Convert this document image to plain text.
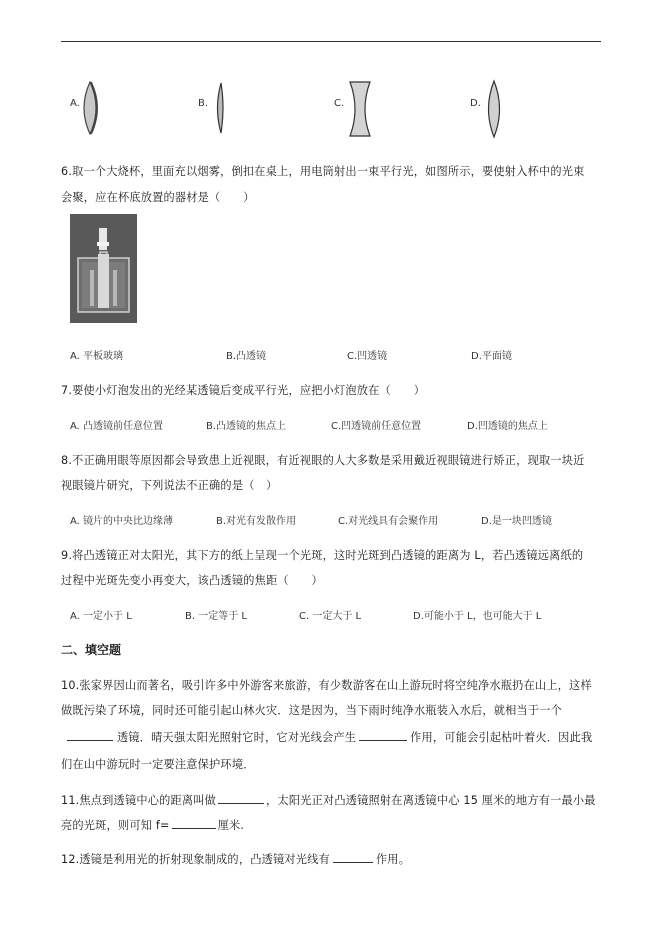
A.	B.	C.	D.
6.取一个大烧杯，里面充以烟雾，倒扣在桌上，用电筒射出一束平行光，如图所示，要使射入杯中的光束
会聚，应在杯底放置的器材是（　　）
A. 平板玻璃	B.凸透镜	C.凹透镜	D.平面镜
7.要使小灯泡发出的光经某透镜后变成平行光，应把小灯泡放在（　　）
A. 凸透镜前任意位置	B.凸透镜的焦点上	C.凹透镜前任意位置	D.凹透镜的焦点上
8.不正确用眼等原因都会导致患上近视眼，有近视眼的人大多数是采用戴近视眼镜进行矫正，现取一块近
视眼镜片研究，下列说法不正确的是（　）
A. 镜片的中央比边缘薄	B.对光有发散作用	C.对光线具有会聚作用	D.是一块凹透镜
9.将凸透镜正对太阳光，其下方的纸上呈现一个光斑，这时光斑到凸透镜的距离为 L，若凸透镜远离纸的
过程中光斑先变小再变大，该凸透镜的焦距（　　）
A. 一定小于 L	B. 一定等于 L	C. 一定大于 L	D.可能小于 L，也可能大于 L
二、填空题
10.张家界因山而著名，吸引许多中外游客来旅游，有少数游客在山上游玩时将空纯净水瓶扔在山上，这样
做既污染了环境，同时还可能引起山林火灾．这是因为，当下雨时纯净水瓶装入水后，就相当于一个
透镜．晴天强太阳光照射它时，它对光线会产生	作用，可能会引起枯叶着火．因此我
们在山中游玩时一定要注意保护环境．
11.焦点到透镜中心的距离叫做	，太阳光正对凸透镜照射在离透镜中心 15 厘米的地方有一最小最
亮的光斑，则可知 f=	厘米.
12.透镜是利用光的折射现象制成的，凸透镜对光线有	作用。
